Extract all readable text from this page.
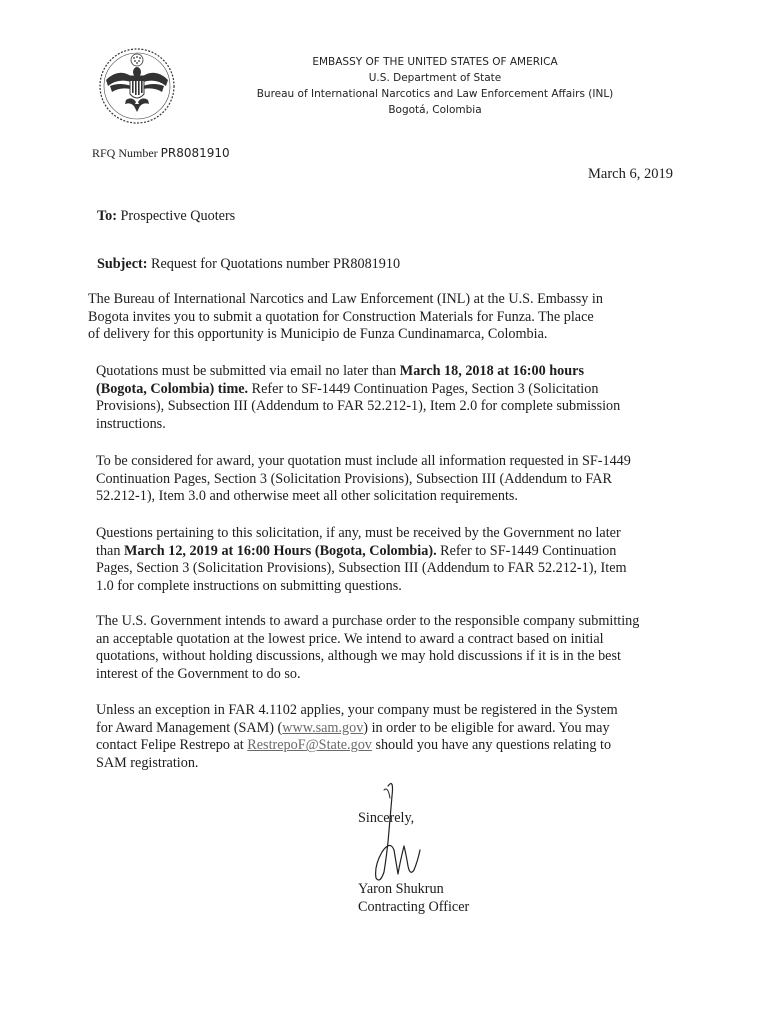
EMBASSY OF THE UNITED STATES OF AMERICA
U.S. Department of State
Bureau of International Narcotics and Law Enforcement Affairs (INL)
Bogotá, Colombia
RFQ Number PR8081910
March 6, 2019
To: Prospective Quoters
Subject: Request for Quotations number PR8081910
The Bureau of International Narcotics and Law Enforcement (INL) at the U.S. Embassy in
Bogota invites you to submit a quotation for Construction Materials for Funza. The place
of delivery for this opportunity is Municipio de Funza Cundinamarca, Colombia.
Quotations must be submitted via email no later than March 18, 2018 at 16:00 hours
(Bogota, Colombia) time. Refer to SF-1449 Continuation Pages, Section 3 (Solicitation
Provisions), Subsection III (Addendum to FAR 52.212-1), Item 2.0 for complete submission
instructions.
To be considered for award, your quotation must include all information requested in SF-1449
Continuation Pages, Section 3 (Solicitation Provisions), Subsection III (Addendum to FAR
52.212-1), Item 3.0 and otherwise meet all other solicitation requirements.
Questions pertaining to this solicitation, if any, must be received by the Government no later
than March 12, 2019 at 16:00 Hours (Bogota, Colombia). Refer to SF-1449 Continuation
Pages, Section 3 (Solicitation Provisions), Subsection III (Addendum to FAR 52.212-1), Item
1.0 for complete instructions on submitting questions.
The U.S. Government intends to award a purchase order to the responsible company submitting
an acceptable quotation at the lowest price. We intend to award a contract based on initial
quotations, without holding discussions, although we may hold discussions if it is in the best
interest of the Government to do so.
Unless an exception in FAR 4.1102 applies, your company must be registered in the System
for Award Management (SAM) (www.sam.gov) in order to be eligible for award. You may
contact Felipe Restrepo at RestrepoF@State.gov should you have any questions relating to
SAM registration.
Sincerely,
Yaron Shukrun
Contracting Officer
